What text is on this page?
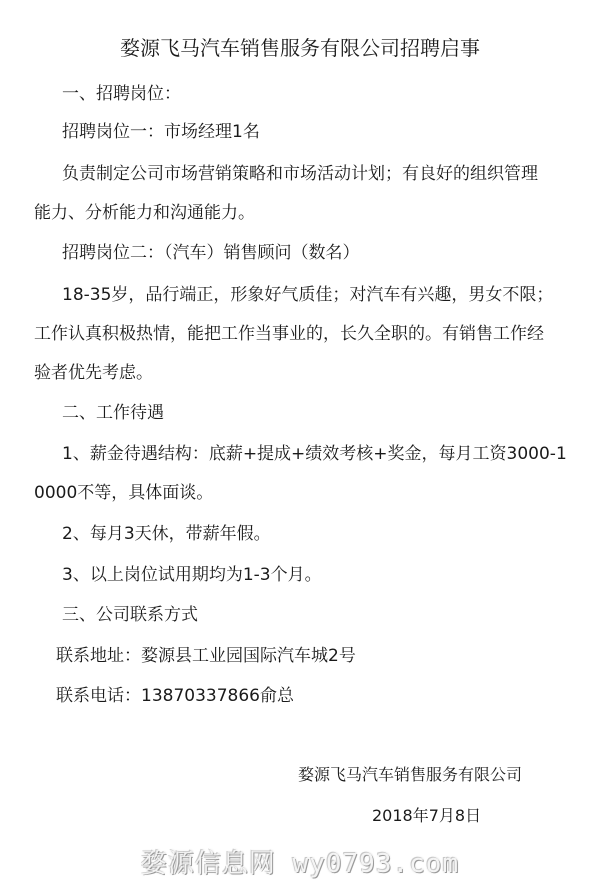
婺源飞马汽车销售服务有限公司招聘启事
一、招聘岗位：
招聘岗位一：市场经理1名
负责制定公司市场营销策略和市场活动计划；有良好的组织管理
能力、分析能力和沟通能力。
招聘岗位二：（汽车）销售顾问（数名）
18-35岁，品行端正，形象好气质佳；对汽车有兴趣，男女不限；
工作认真积极热情，能把工作当事业的，长久全职的。有销售工作经
验者优先考虑。
二、工作待遇
1、薪金待遇结构：底薪+提成+绩效考核+奖金，每月工资3000-1
0000不等，具体面谈。
2、每月3天休，带薪年假。
3、以上岗位试用期均为1-3个月。
三、公司联系方式
联系地址：婺源县工业园国际汽车城2号
联系电话：13870337866俞总
婺源飞马汽车销售服务有限公司
2018年7月8日
婺源信息网 wy0793.com
